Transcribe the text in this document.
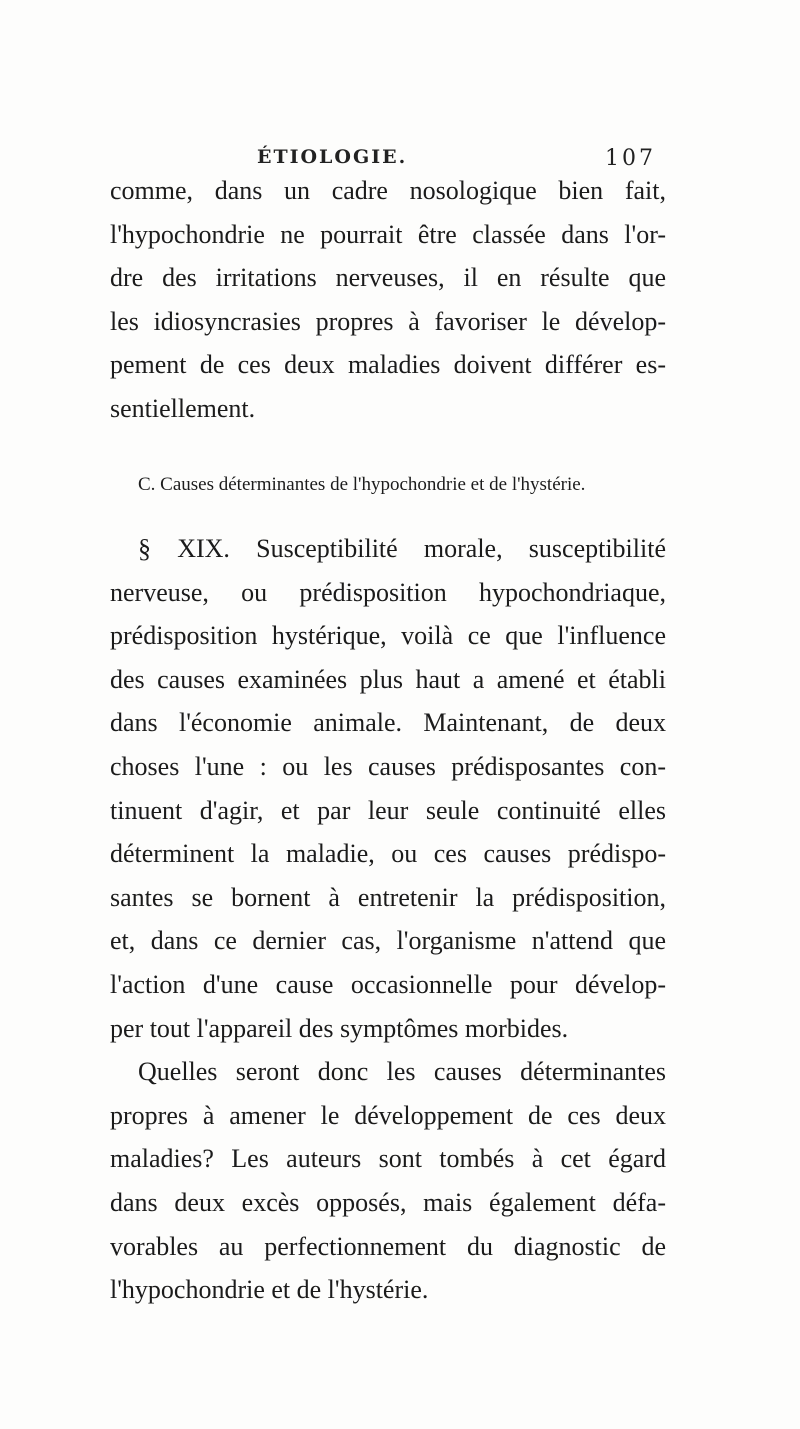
ÉTIOLOGIE.	107
comme, dans un cadre nosologique bien fait,
l'hypochondrie ne pourrait être classée dans l'or-
dre des irritations nerveuses, il en résulte que
les idiosyncrasies propres à favoriser le dévelop-
pement de ces deux maladies doivent différer es-
sentiellement.
C. Causes déterminantes de l'hypochondrie et de l'hystérie.
§ XIX. Susceptibilité morale, susceptibilité
nerveuse, ou prédisposition hypochondriaque,
prédisposition hystérique, voilà ce que l'influence
des causes examinées plus haut a amené et établi
dans l'économie animale. Maintenant, de deux
choses l'une : ou les causes prédisposantes con-
tinuent d'agir, et par leur seule continuité elles
déterminent la maladie, ou ces causes prédispo-
santes se bornent à entretenir la prédisposition,
et, dans ce dernier cas, l'organisme n'attend que
l'action d'une cause occasionnelle pour dévelop-
per tout l'appareil des symptômes morbides.
Quelles seront donc les causes déterminantes
propres à amener le développement de ces deux
maladies? Les auteurs sont tombés à cet égard
dans deux excès opposés, mais également défa-
vorables au perfectionnement du diagnostic de
l'hypochondrie et de l'hystérie.
